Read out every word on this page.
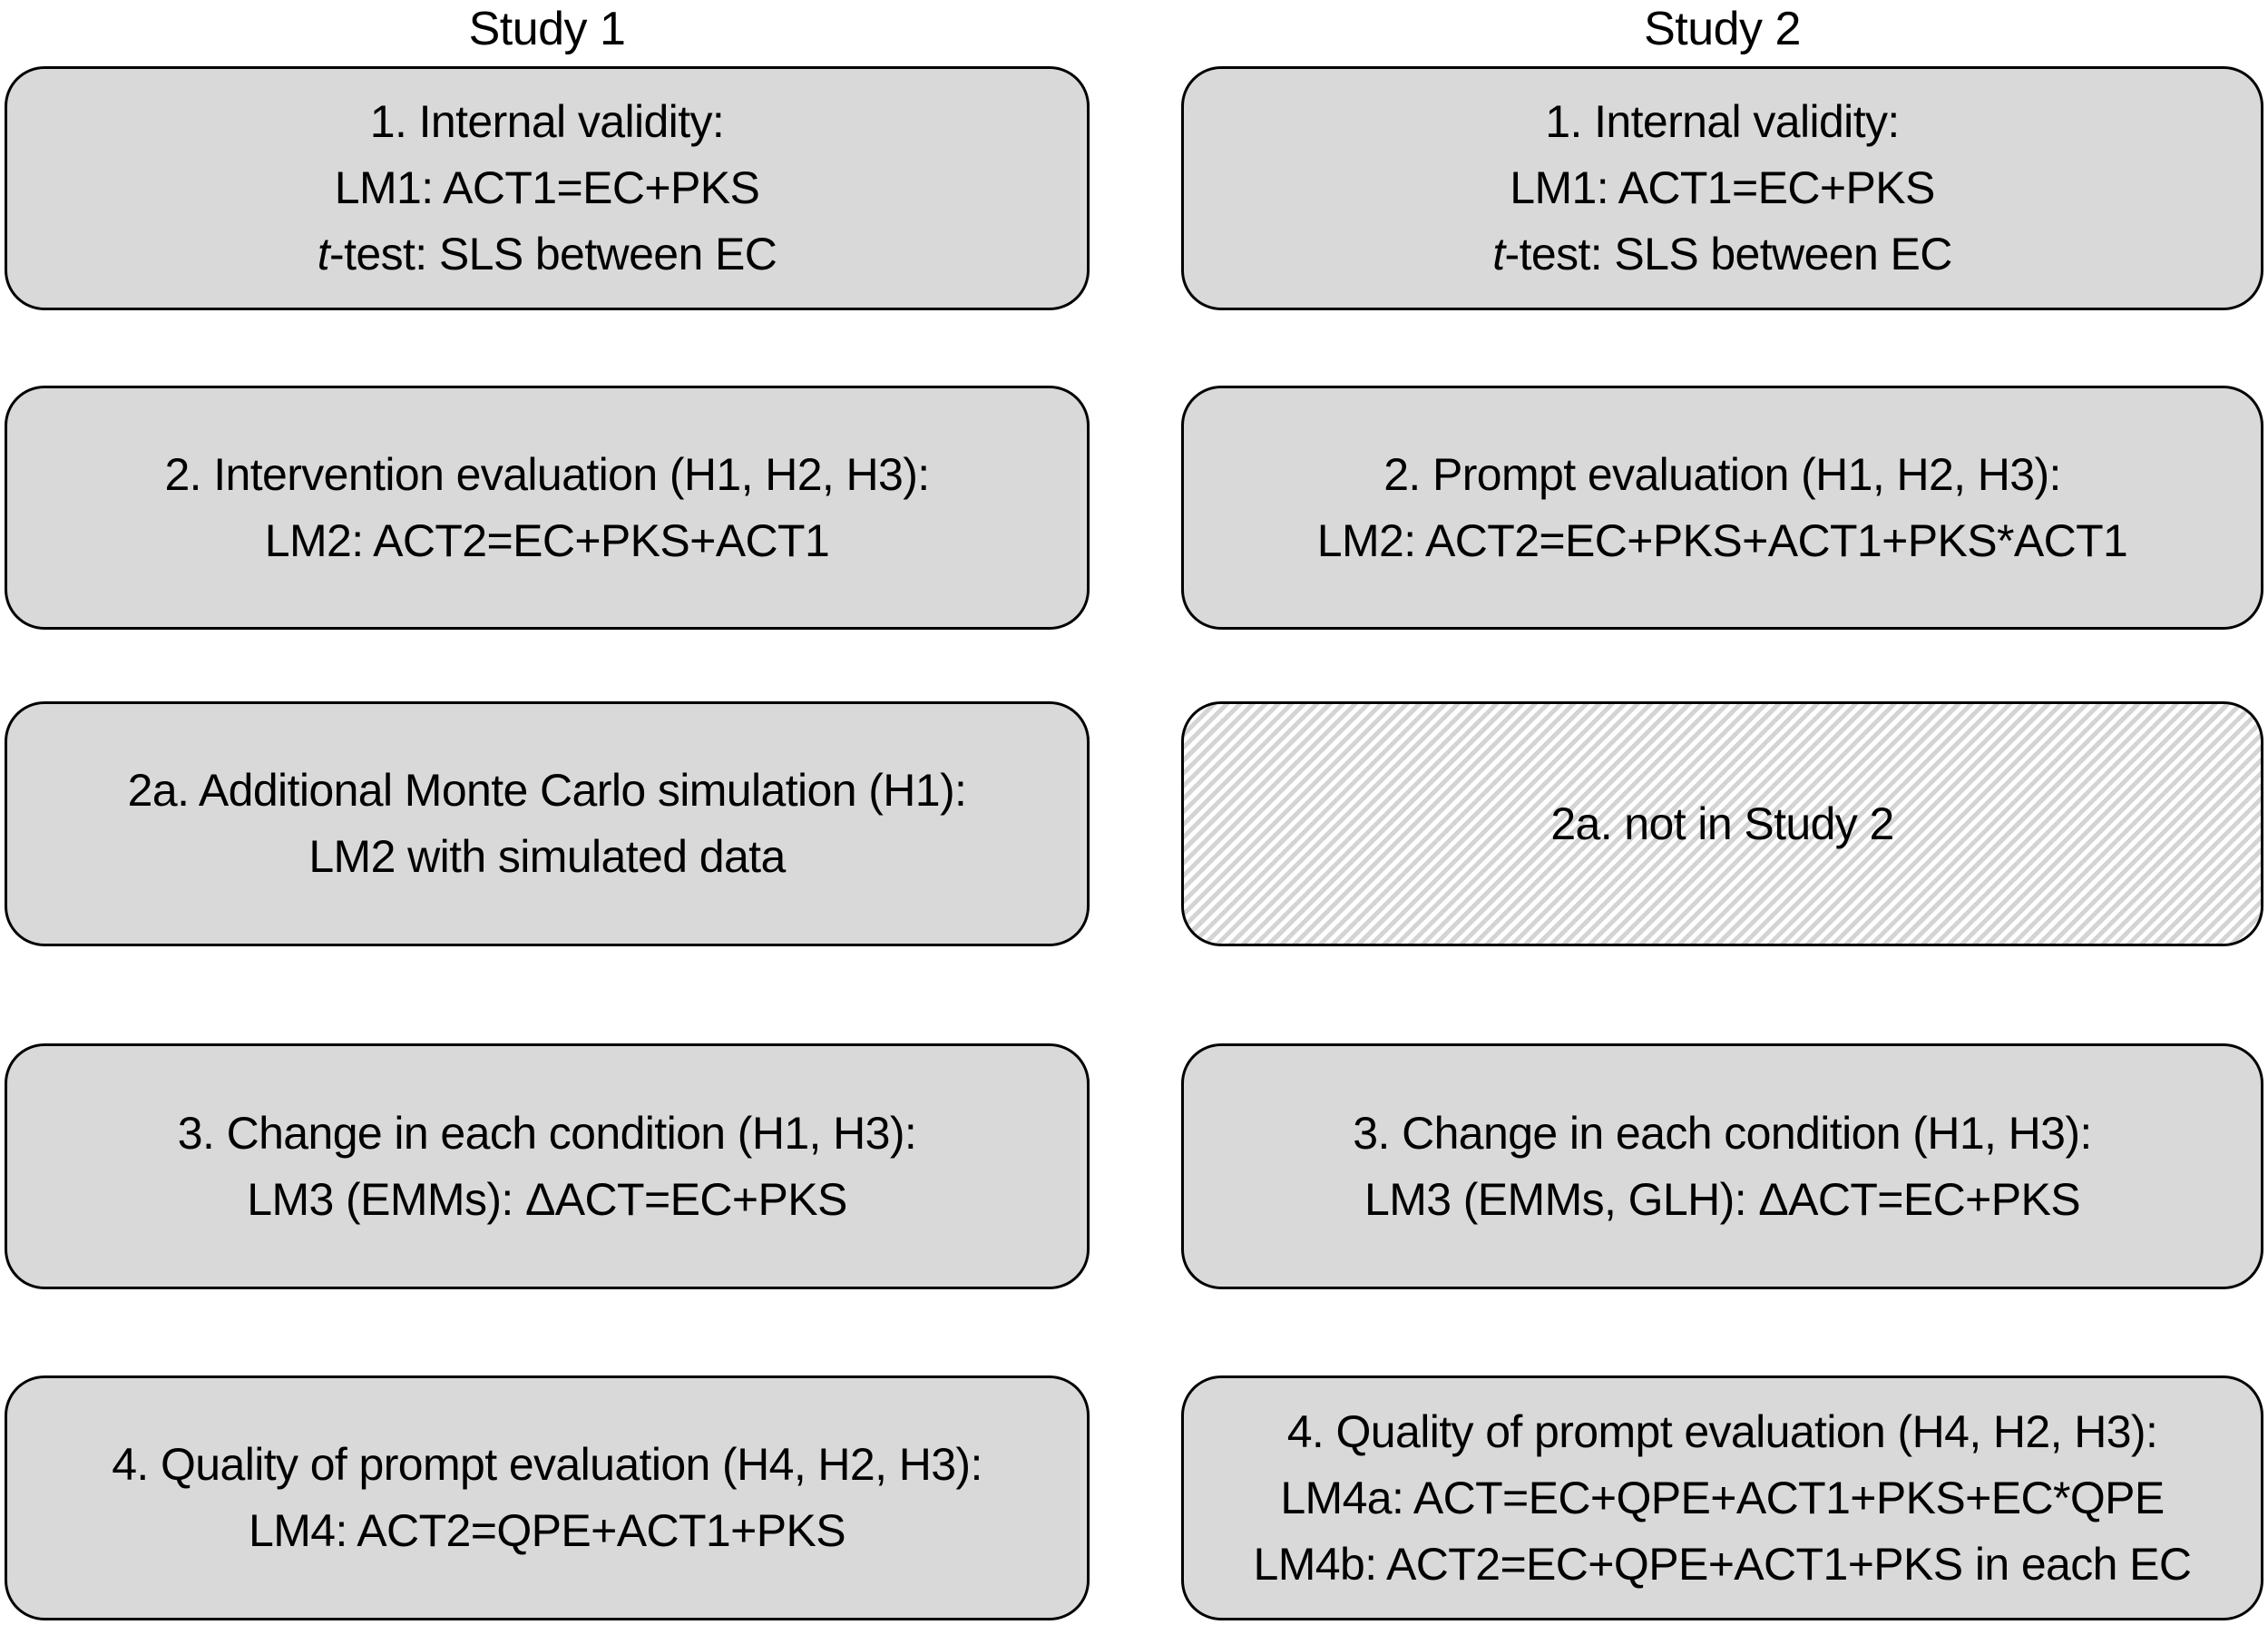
Study 1	Study 2
1. Internal validity:
LM1: ACT1=EC+PKS
t-test: SLS between EC
2. Intervention evaluation (H1, H2, H3):
LM2: ACT2=EC+PKS+ACT1
2a. Additional Monte Carlo simulation (H1):
LM2 with simulated data
3. Change in each condition (H1, H3):
LM3 (EMMs): ΔACT=EC+PKS
4. Quality of prompt evaluation (H4, H2, H3):
LM4: ACT2=QPE+ACT1+PKS
1. Internal validity:
LM1: ACT1=EC+PKS
t-test: SLS between EC
2. Prompt evaluation (H1, H2, H3):
LM2: ACT2=EC+PKS+ACT1+PKS*ACT1
2a. not in Study 2
3. Change in each condition (H1, H3):
LM3 (EMMs, GLH): ΔACT=EC+PKS
4. Quality of prompt evaluation (H4, H2, H3):
LM4a: ACT=EC+QPE+ACT1+PKS+EC*QPE
LM4b: ACT2=EC+QPE+ACT1+PKS in each EC
